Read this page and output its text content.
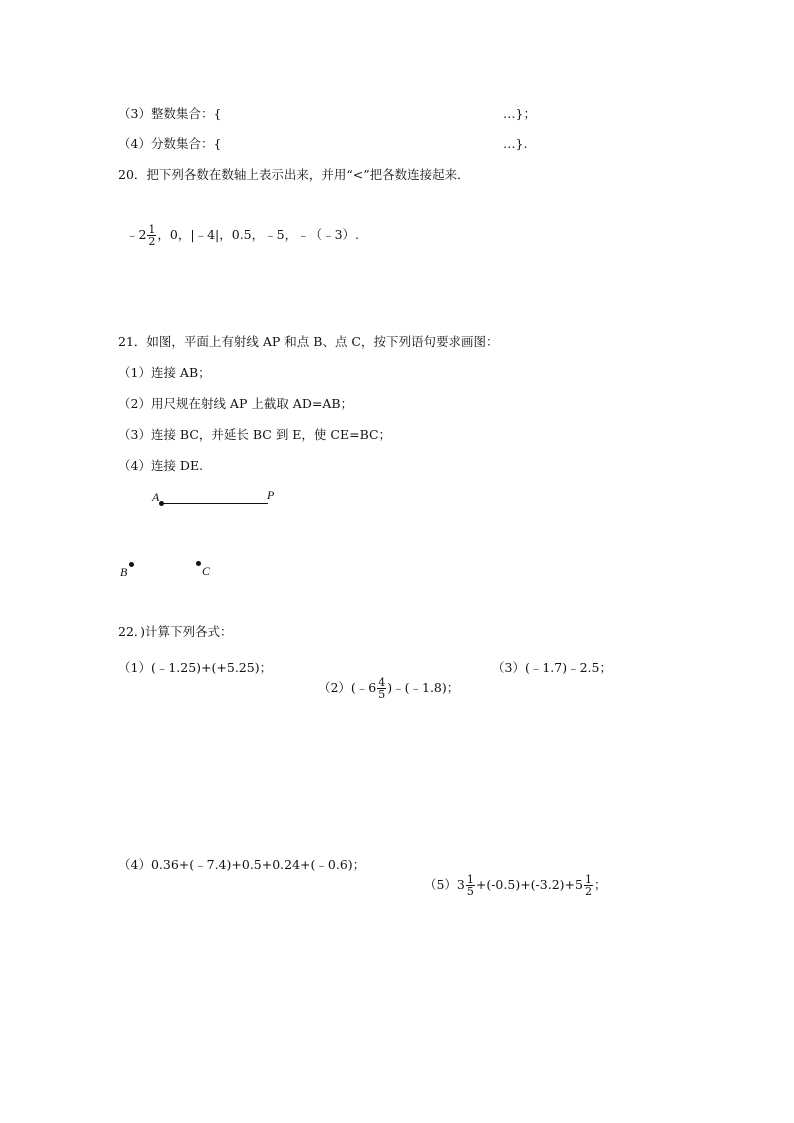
（3）整数集合：{	…}；
（4）分数集合：{	…}.
20．把下列各数在数轴上表示出来，并用“<”把各数连接起来．

﹣2 $\frac{1}{2}$ ，0，|﹣4|，0.5，﹣5，﹣（﹣3）.

21．如图，平面上有射线 AP 和点 B、点 C，按下列语句要求画图：
（1）连接 AB；
（2）用尺规在射线 AP 上截取 AD=AB；
（3）连接 BC，并延长 BC 到 E，使 CE=BC；
（4）连接 DE.
A	P
B	C
22．)计算下列各式：
（1）(﹣1.25)+(+5.25)；

（2）(﹣6 $\frac{4}{5}$ )﹣(﹣1.8)；

（3）(﹣1.7)﹣2.5；
（4）0.36+(﹣7.4)+0.5+0.24+(﹣0.6)；

$(5)3 \frac{1}{5} +(-0.5)+(-3.2)+5 \frac{1}{2}$ ；
